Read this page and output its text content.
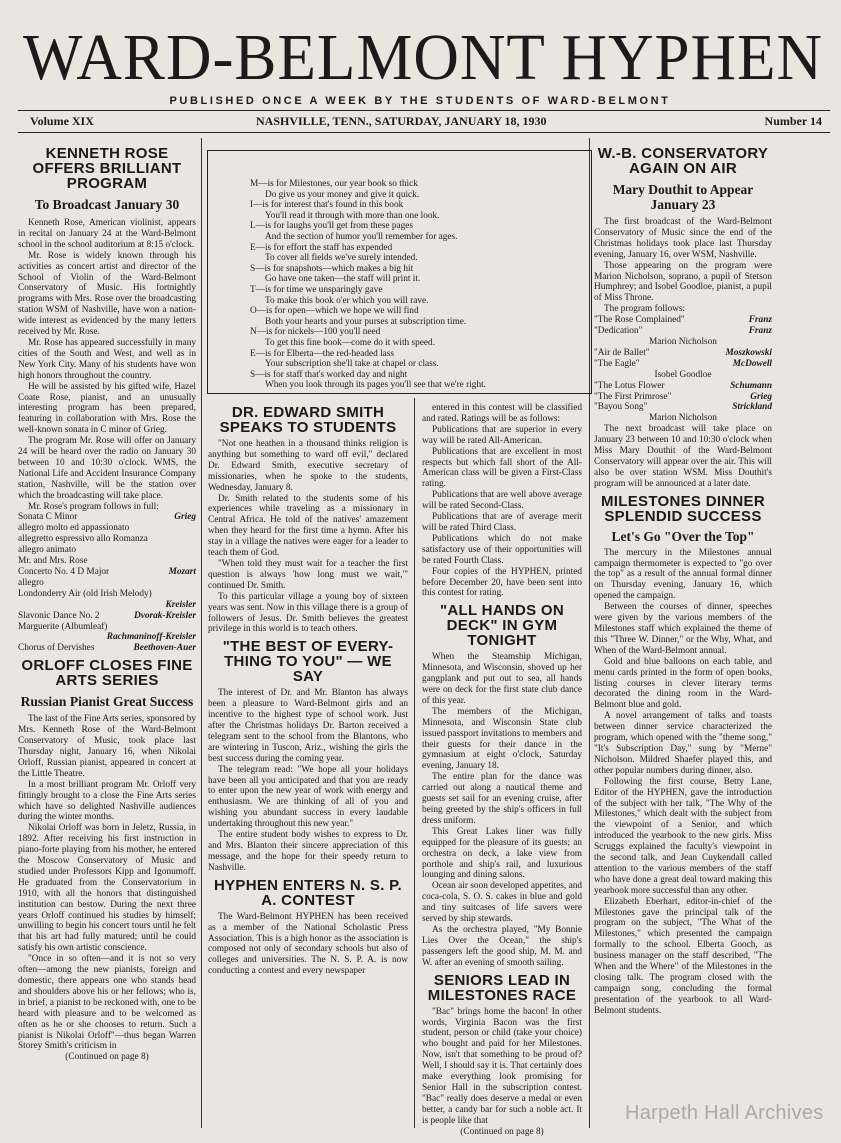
WARD-BELMONT HYPHEN
PUBLISHED ONCE A WEEK BY THE STUDENTS OF WARD-BELMONT
Volume XIX	NASHVILLE, TENN., SATURDAY, JANUARY 18, 1930	Number 14
KENNETH ROSE OFFERS BRILLIANT PROGRAM
To Broadcast January 30

Kenneth Rose, American violinist, appears in recital on January 24 at the Ward-Belmont school in the school auditorium at 8:15 o'clock.

Mr. Rose is widely known through his activities as concert artist and director of the School of Violin of the Ward-Belmont Conservatory of Music. His fortnightly programs with Mrs. Rose over the broadcasting station WSM of Nashville, have won a nation-wide interest as evidenced by the many letters received by Mr. Rose.

Mr. Rose has appeared successfully in many cities of the South and West, and well as in New York City. Many of his students have won high honors throughout the country.

He will be assisted by his gifted wife, Hazel Coate Rose, pianist, and an unusually interesting program has been prepared, featuring in collaboration with Mrs. Rose the well-known sonata in C minor of Grieg.

The program Mr. Rose will offer on January 24 will be heard over the radio on January 30 between 10 and 10:30 o'clock. WMS, the National Life and Accident Insurance Company station, Nashville, will be the station over which the broadcasting will take place.

Mr. Rose's program follows in full:

Sonata C Minor	Grieg
allegro molto ed appassionato
allegretto espressivo allo Romanza
allegro animato
Mr. and Mrs. Rose
Concerto No. 4 D Major	Mozart
allegro
Londonderry Air (old Irish Melody)
Kreisler
Slavonic Dance No. 2	Dvorak-Kreisler
Marguerite (Albumleaf)
Rachmaninoff-Kreisler
Chorus of Dervishes	Beethoven-Auer
ORLOFF CLOSES FINE ARTS SERIES
Russian Pianist Great Success

The last of the Fine Arts series, sponsored by Mrs. Kenneth Rose of the Ward-Belmont Conservatory of Music, took place last Thursday night, January 16, when Nikolai Orloff, Russian pianist, appeared in concert at the Little Theatre.

In a most brilliant program Mr. Orloff very fittingly brought to a close the Fine Arts series which have so delighted Nashville audiences during the winter months.

Nikolai Orloff was born in Jeletz, Russia, in 1892. After receiving his first instruction in piano-forte playing from his mother, he entered the Moscow Conservatory of Music and studied under Professors Kipp and Igonumoff. He graduated from the Conservatorium in 1910, with all the honors that distinguished institution can bestow. During the next three years Orloff continued his studies by himself; unwilling to begin his concert tours until he felt that his art had fully matured; until he could satisfy his own artistic conscience.

"Once in so often—and it is not so very often—among the new pianists, foreign and domestic, there appears one who stands head and shoulders above his or her fellows; who is, in brief, a pianist to be reckoned with, one to be heard with pleasure and to be welcomed as often as he or she chooses to return. Such a pianist is Nikolai Orloff"—thus began Warren Storey Smith's criticism in

(Continued on page 8)
M—is for Milestones, our year book so thick
Do give us your money and give it quick.
I—is for interest that's found in this book
You'll read it through with more than one look.
L—is for laughs you'll get from these pages
And the section of humor you'll remember for ages.
E—is for effort the staff has expended
To cover all fields we've surely intended.
S—is for snapshots—which makes a big hit
Go have one taken—the staff will print it.
T—is for time we unsparingly gave
To make this book o'er which you will rave.
O—is for open—which we hope we will find
Both your hearts and your purses at subscription time.
N—is for nickels—100 you'll need
To get this fine book—come do it with speed.
E—is for Elberta—the red-headed lass
Your subscription she'll take at chapel or class.
S—is for staff that's worked day and night
When you look through its pages you'll see that we're right.
DR. EDWARD SMITH SPEAKS TO STUDENTS

"Not one heathen in a thousand thinks religion is anything but something to ward off evil," declared Dr. Edward Smith, executive secretary of missionaries, when he spoke to the students, Wednesday, January 8.

Dr. Smith related to the students some of his experiences while traveling as a missionary in Central Africa. He told of the natives' amazement when they heard for the first time a hymn. After his stay in a village the natives were eager for a leader to teach them of God.

"When told they must wait for a teacher the first question is always 'how long must we wait,'" continued Dr. Smith.

To this particular village a young boy of sixteen years was sent. Now in this village there is a group of followers of Jesus. Dr. Smith believes the greatest privilege in this world is to teach others.

"THE BEST OF EVERY-THING TO YOU" — WE SAY

The interest of Dr. and Mr. Blanton has always been a pleasure to Ward-Belmont girls and an incentive to the highest type of school work. Just after the Christmas holidays Dr. Barton received a telegram sent to the school from the Blantons, who are wintering in Tuscon, Ariz., wishing the girls the best success during the coming year.

The telegram read: "We hope all your holidays have been all you anticipated and that you are ready to enter upon the new year of work with energy and enthusiasm. We are thinking of all of you and wishing you abundant success in every laudable undertaking throughout this new year."

The entire student body wishes to express to Dr. and Mrs. Blanton their sincere appreciation of this message, and the hope for their speedy return to Nashville.

HYPHEN ENTERS N. S. P. A. CONTEST

The Ward-Belmont HYPHEN has been received as a member of the National Scholastic Press Association. This is a high honor as the association is composed not only of secondary schools but also of colleges and universities. The N. S. P. A. is now conducting a contest and every newspaper

entered in this contest will be classified and rated. Ratings will be as follows:

Publications that are superior in every way will be rated All-American.

Publications that are excellent in most respects but which fall short of the All-American class will be given a First-Class rating.

Publications that are well above average will be rated Second-Class.

Publications that are of average merit will be rated Third Class.

Publications which do not make satisfactory use of their opportunities will be rated Fourth Class.

Four copies of the HYPHEN, printed before December 20, have been sent into this contest for rating.

"ALL HANDS ON DECK" IN GYM TONIGHT

When the Steamship Michigan, Minnesota, and Wisconsin, shoved up her gangplank and put out to sea, all hands were on deck for the first state club dance of this year.

The members of the Michigan, Minnesota, and Wisconsin State club issued passport invitations to members and their guests for their dance in the gymnasium at eight o'clock, Saturday evening, January 18.

The entire plan for the dance was carried out along a nautical theme and guests set sail for an evening cruise, after being greeted by the ship's officers in full dress uniform.

This Great Lakes liner was fully equipped for the pleasure of its guests; an orchestra on deck, a lake view from porthole and ship's rail, and luxurious lounging and dining salons.

Ocean air soon developed appetites, and coca-cola, S. O. S. cakes in blue and gold and tiny suitcases of life savers were served by ship stewards.

As the orchestra played, "My Bonnie Lies Over the Ocean," the ship's passengers left the good ship, M. M. and W. after an evening of smooth sailing.

SENIORS LEAD IN MILESTONES RACE

"Bac" brings home the bacon! In other words, Virginia Bacon was the first student, person or child (take your choice) who bought and paid for her Milestones. Now, isn't that something to be proud of? Well, I should say it is. That certainly does make everything look promising for Senior Hall in the subscription contest. "Bac" really does deserve a medal or even better, a candy bar for such a noble act. It is people like that

(Continued on page 8)
W.-B. CONSERVATORY AGAIN ON AIR
Mary Douthit to Appear January 23

The first broadcast of the Ward-Belmont Conservatory of Music since the end of the Christmas holidays took place last Thursday evening, January 16, over WSM, Nashville.

Those appearing on the program were Marion Nicholson, soprano, a pupil of Stetson Humphrey; and Isobel Goodloe, pianist, a pupil of Miss Throne.

The program follows:

"The Rose Complained"	Franz
"Dedication"	Franz
Marion Nicholson
"Air de Ballet"	Moszkowski
"The Eagle"	McDowell
Isobel Goodloe
"The Lotus Flower	Schumann
"The First Primrose"	Grieg
"Bayou Song"	Strickland
Marion Nicholson

The next broadcast will take place on January 23 between 10 and 10:30 o'clock when Miss Mary Douthit of the Ward-Belmont Conservatory will appear over the air. This will also be over station WSM. Miss Douthit's program will be announced at a later date.

MILESTONES DINNER SPLENDID SUCCESS
Let's Go "Over the Top"

The mercury in the Milestones annual campaign thermometer is expected to "go over the top" as a result of the annual formal dinner on Thursday evening, January 16, which opened the campaign.

Between the courses of dinner, speeches were given by the various members of the Milestones staff which explained the theme of this "Three W. Dinner," or the Why, What, and When of the Ward-Belmont annual.

Gold and blue balloons on each table, and menu cards printed in the form of open books, listing courses in clever literary terms decorated the dining room in the Ward-Belmont blue and gold.

A novel arrangement of talks and toasts between dinner service characterized the program, which opened with the "theme song," "It's Subscription Day," sung by "Merne" Nicholson. Mildred Shaefer played this, and other popular numbers during dinner, also.

Following the first course, Betty Lane, Editor of the HYPHEN, gave the introduction of the subject with her talk, "The Why of the Milestones," which dealt with the subject from the viewpoint of a Senior, and which introduced the yearbook to the new girls. Miss Scruggs explained the faculty's viewpoint in the second talk, and Jean Cuykendall called attention to the various members of the staff who have done a great deal toward making this yearbook more successful than any other.

Elizabeth Eberhart, editor-in-chief of the Milestones gave the principal talk of the program on the subject, "The What of the Milestones," which presented the campaign formally to the school. Elberta Gooch, as business manager on the staff described, "The When and the Where" of the Milestones in the closing talk. The program closed with the campaign song, concluding the formal presentation of the yearbook to all Ward-Belmont students.

Harpeth Hall Archives
